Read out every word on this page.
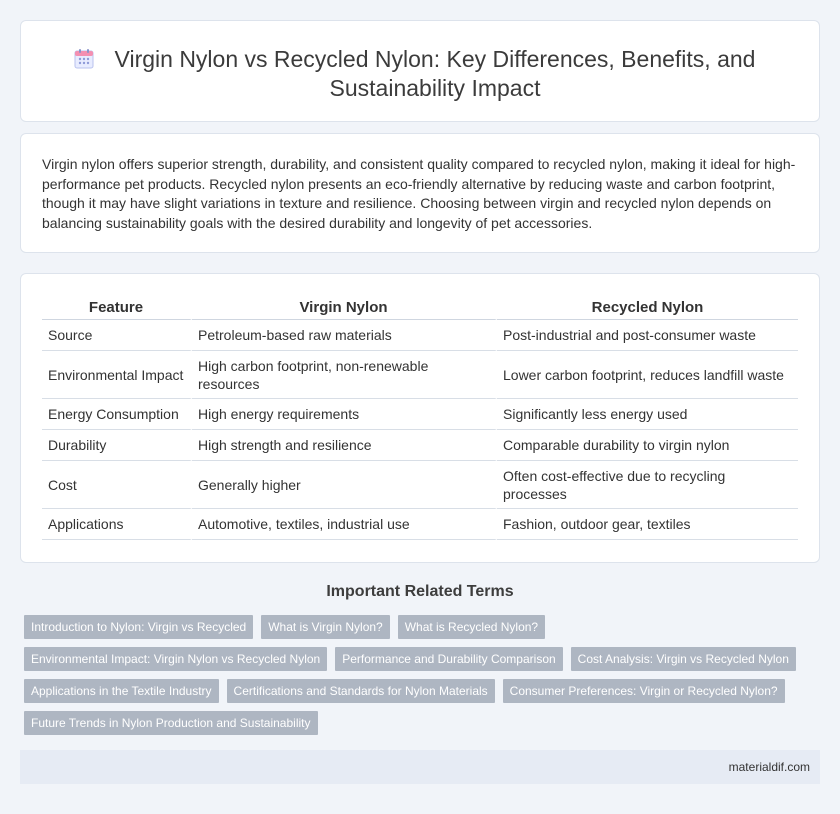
Virgin Nylon vs Recycled Nylon: Key Differences, Benefits, and Sustainability Impact

Virgin nylon offers superior strength, durability, and consistent quality compared to recycled nylon, making it ideal for high-performance pet products. Recycled nylon presents an eco-friendly alternative by reducing waste and carbon footprint, though it may have slight variations in texture and resilience. Choosing between virgin and recycled nylon depends on balancing sustainability goals with the desired durability and longevity of pet accessories.

Feature	Virgin Nylon	Recycled Nylon
Source	Petroleum-based raw materials	Post-industrial and post-consumer waste
Environmental Impact	High carbon footprint, non-renewable resources	Lower carbon footprint, reduces landfill waste
Energy Consumption	High energy requirements	Significantly less energy used
Durability	High strength and resilience	Comparable durability to virgin nylon
Cost	Generally higher	Often cost-effective due to recycling processes
Applications	Automotive, textiles, industrial use	Fashion, outdoor gear, textiles
Important Related Terms
Introduction to Nylon: Virgin vs Recycled	What is Virgin Nylon?	What is Recycled Nylon?
Environmental Impact: Virgin Nylon vs Recycled Nylon	Performance and Durability Comparison	Cost Analysis: Virgin vs Recycled Nylon
Applications in the Textile Industry	Certifications and Standards for Nylon Materials	Consumer Preferences: Virgin or Recycled Nylon?
Future Trends in Nylon Production and Sustainability
materialdif.com
